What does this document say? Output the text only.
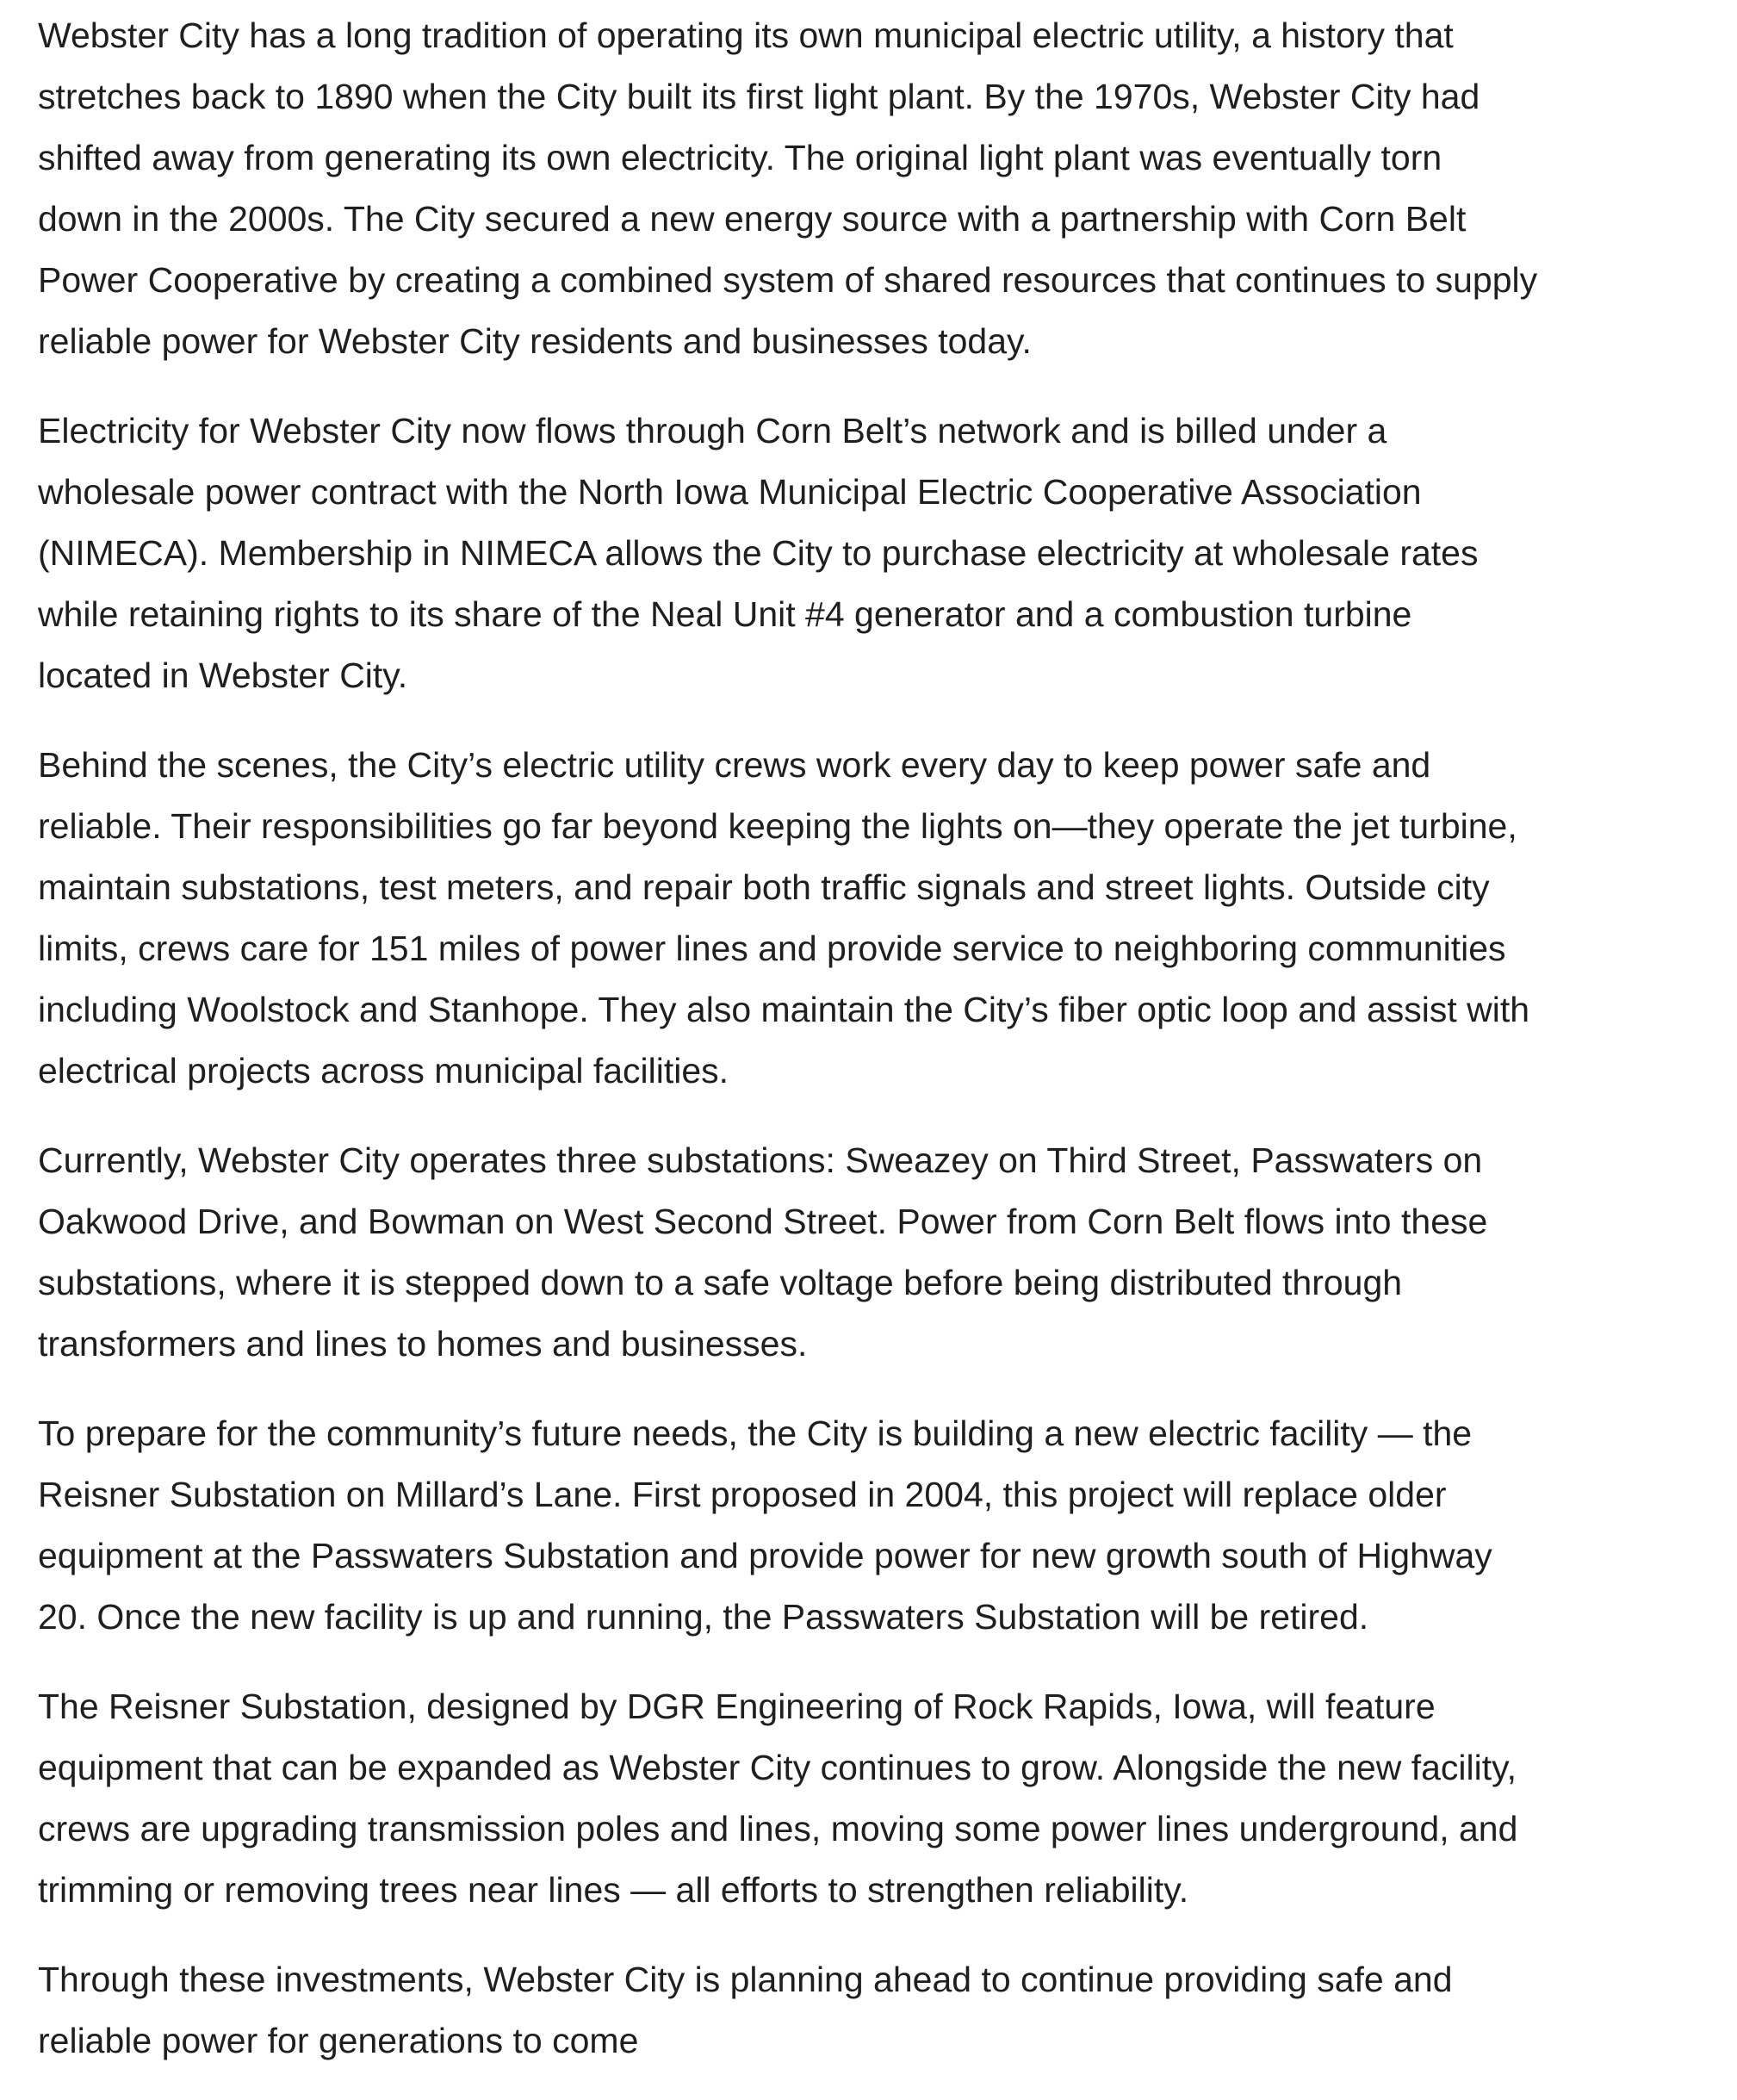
Webster City has a long tradition of operating its own municipal electric utility, a history that
stretches back to 1890 when the City built its first light plant. By the 1970s, Webster City had
shifted away from generating its own electricity. The original light plant was eventually torn
down in the 2000s. The City secured a new energy source with a partnership with Corn Belt
Power Cooperative by creating a combined system of shared resources that continues to supply
reliable power for Webster City residents and businesses today.

Electricity for Webster City now flows through Corn Belt’s network and is billed under a
wholesale power contract with the North Iowa Municipal Electric Cooperative Association
(NIMECA). Membership in NIMECA allows the City to purchase electricity at wholesale rates
while retaining rights to its share of the Neal Unit #4 generator and a combustion turbine
located in Webster City.

Behind the scenes, the City’s electric utility crews work every day to keep power safe and
reliable. Their responsibilities go far beyond keeping the lights on—they operate the jet turbine,
maintain substations, test meters, and repair both traffic signals and street lights. Outside city
limits, crews care for 151 miles of power lines and provide service to neighboring communities
including Woolstock and Stanhope. They also maintain the City’s fiber optic loop and assist with
electrical projects across municipal facilities.

Currently, Webster City operates three substations: Sweazey on Third Street, Passwaters on
Oakwood Drive, and Bowman on West Second Street. Power from Corn Belt flows into these
substations, where it is stepped down to a safe voltage before being distributed through
transformers and lines to homes and businesses.

To prepare for the community’s future needs, the City is building a new electric facility — the
Reisner Substation on Millard’s Lane. First proposed in 2004, this project will replace older
equipment at the Passwaters Substation and provide power for new growth south of Highway
20. Once the new facility is up and running, the Passwaters Substation will be retired.

The Reisner Substation, designed by DGR Engineering of Rock Rapids, Iowa, will feature
equipment that can be expanded as Webster City continues to grow. Alongside the new facility,
crews are upgrading transmission poles and lines, moving some power lines underground, and
trimming or removing trees near lines — all efforts to strengthen reliability.

Through these investments, Webster City is planning ahead to continue providing safe and
reliable power for generations to come
